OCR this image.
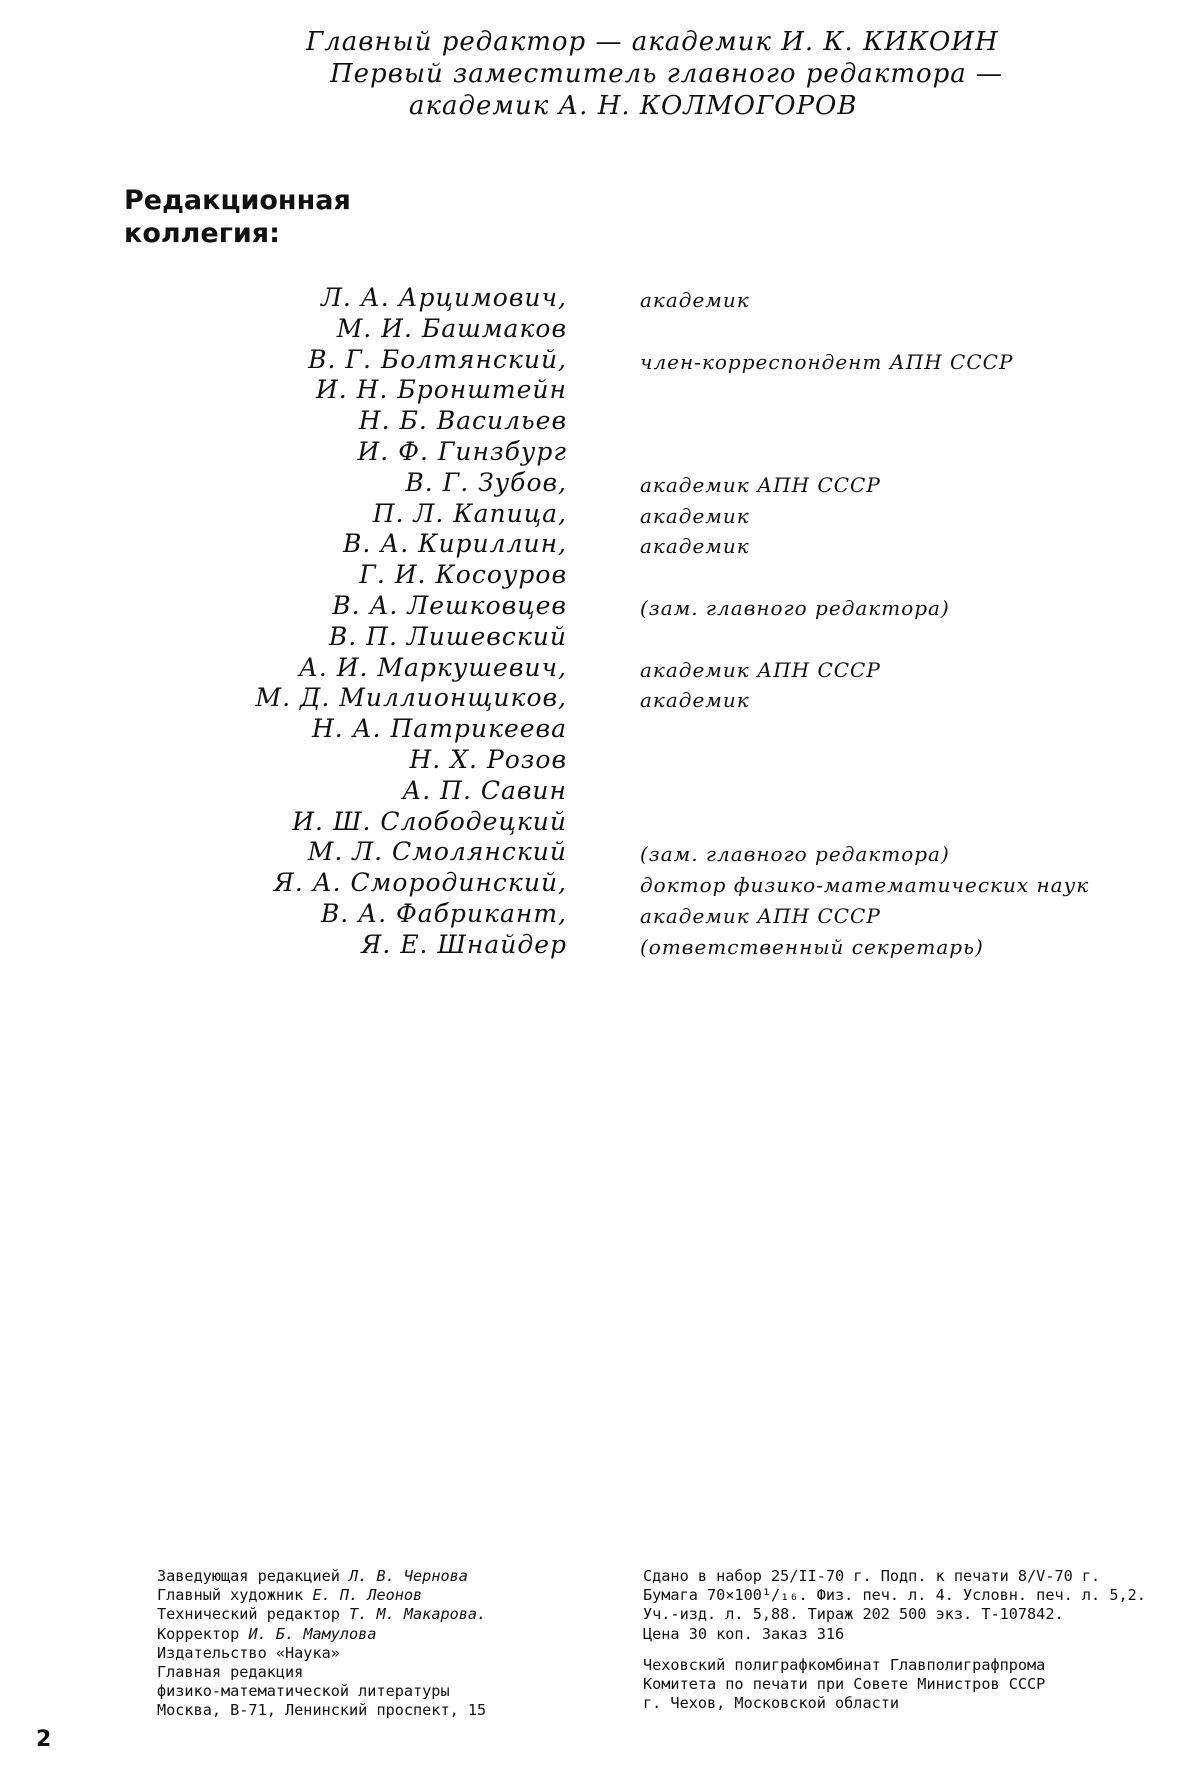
Главный редактор — академик И. К. КИКОИН
Первый заместитель главного редактора —
академик А. Н. КОЛМОГОРОВ
Редакционная
коллегия:
Л. А. Арцимович,	академик
М. И. Башмаков
В. Г. Болтянский,	член-корреспондент АПН СССР
И. Н. Бронштейн
Н. Б. Васильев
И. Ф. Гинзбург
В. Г. Зубов,	академик АПН СССР
П. Л. Капица,	академик
В. А. Кириллин,	академик
Г. И. Косоуров
В. А. Лешковцев	(зам. главного редактора)
В. П. Лишевский
А. И. Маркушевич,	академик АПН СССР
М. Д. Миллионщиков,	академик
Н. А. Патрикеева
Н. Х. Розов
А. П. Савин
И. Ш. Слободецкий
М. Л. Смолянский	(зам. главного редактора)
Я. А. Смородинский,	доктор физико-математических наук
В. А. Фабрикант,	академик АПН СССР
Я. Е. Шнайдер	(ответственный секретарь)
Заведующая редакцией Л. В. Чернова
Главный художник Е. П. Леонов
Технический редактор Т. М. Макарова.
Корректор И. Б. Мамулова
Издательство «Наука»
Главная редакция
физико-математической литературы
Москва, В-71, Ленинский проспект, 15
Сдано в набор 25/II-70 г. Подп. к печати 8/V-70 г.
Бумага 70×100¹/₁₆. Физ. печ. л. 4. Условн. печ. л. 5,2.
Уч.-изд. л. 5,88. Тираж 202 500 экз. Т-107842.
Цена 30 коп. Заказ 316
Чеховский полиграфкомбинат Главполиграфпрома
Комитета по печати при Совете Министров СССР
г. Чехов, Московской области
2
